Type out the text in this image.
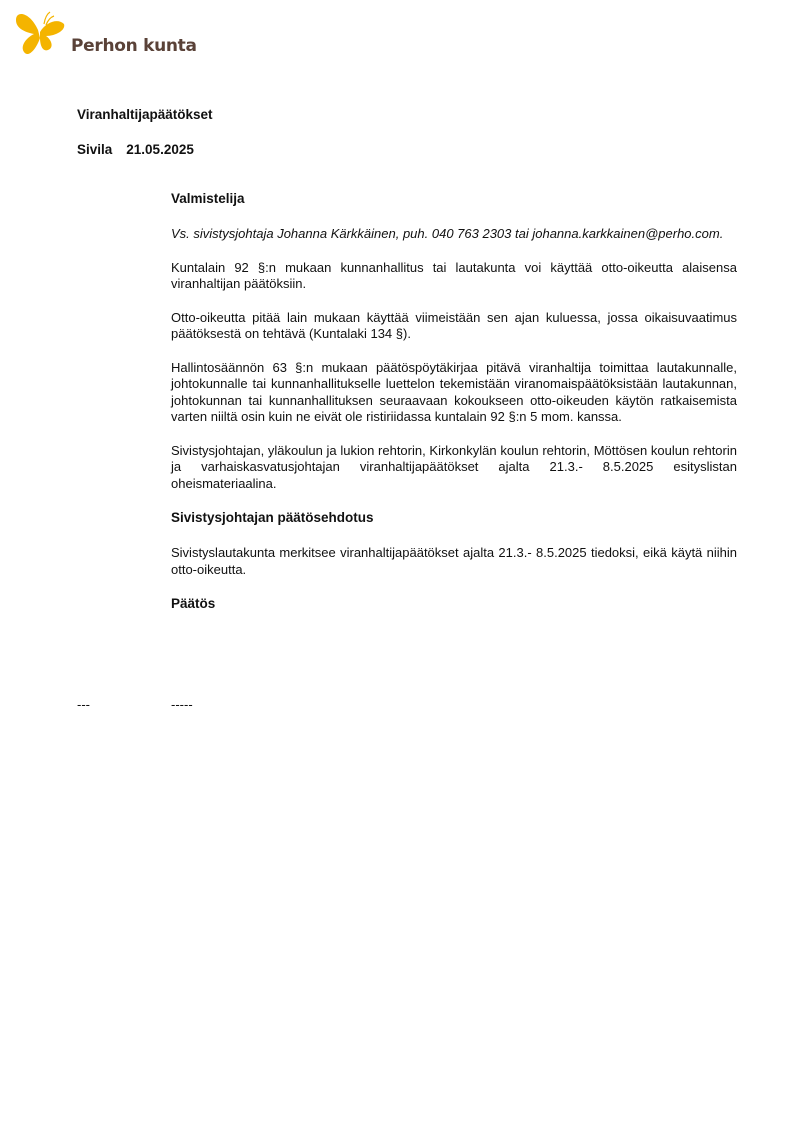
Perhon kunta
Viranhaltijapäätökset
Sivila 21.05.2025
Valmistelija

Vs. sivistysjohtaja Johanna Kärkkäinen, puh. 040 763 2303 tai johanna.karkkainen@perho.com.

Kuntalain 92 §:n mukaan kunnanhallitus tai lautakunta voi käyttää otto-oikeutta alaisensa viranhaltijan päätöksiin.

Otto-oikeutta pitää lain mukaan käyttää viimeistään sen ajan kuluessa, jossa oikaisuvaatimus päätöksestä on tehtävä (Kuntalaki 134 §).

Hallintosäännön 63 §:n mukaan päätöspöytäkirjaa pitävä viranhaltija toimittaa lautakunnalle, johtokunnalle tai kunnanhallitukselle luettelon tekemistään viranomaispäätöksistään lautakunnan, johtokunnan tai kunnanhallituksen seuraavaan kokoukseen otto-oikeuden käytön ratkaisemista varten niiltä osin kuin ne eivät ole ristiriidassa kuntalain 92 §:n 5 mom. kanssa.

Sivistysjohtajan, yläkoulun ja lukion rehtorin, Kirkonkylän koulun rehtorin, Möttösen koulun rehtorin ja varhaiskasvatusjohtajan viranhaltijapäätökset ajalta 21.3.- 8.5.2025 esityslistan oheismateriaalina.

Sivistysjohtajan päätösehdotus

Sivistyslautakunta merkitsee viranhaltijapäätökset ajalta 21.3.- 8.5.2025 tiedoksi, eikä käytä niihin otto-oikeutta.

Päätös
---	-----
